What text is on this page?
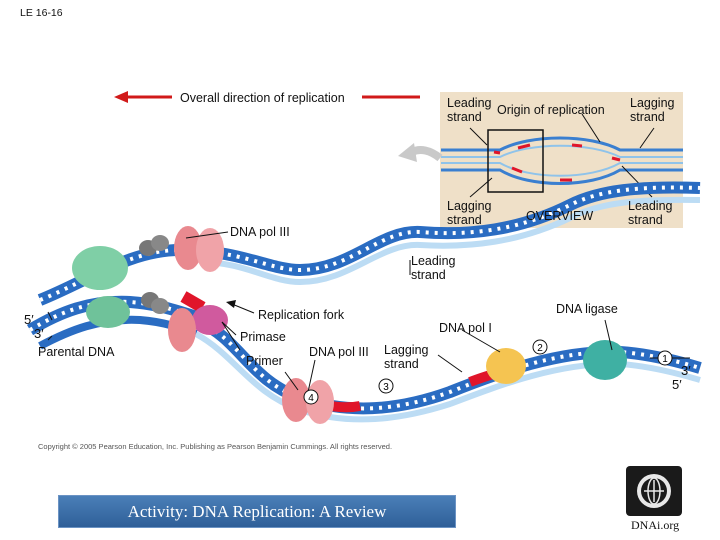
LE 16-16
1
2
3
4
Overall direction of replication	Leading
strand Origin of replication Lagging
strand
Lagging
strand	OVERVIEW
Leading
strand
DNA pol III
Leading
strand
Replication fork	DNA ligase
5′
3′
Parental DNA
Primase
DNA pol I
Primer
DNA pol III Lagging
strand	3′
5′
Copyright © 2005 Pearson Education, Inc. Publishing as Pearson Benjamin Cummings. All rights reserved.
Activity: DNA Replication: A Review
DNAi.org
